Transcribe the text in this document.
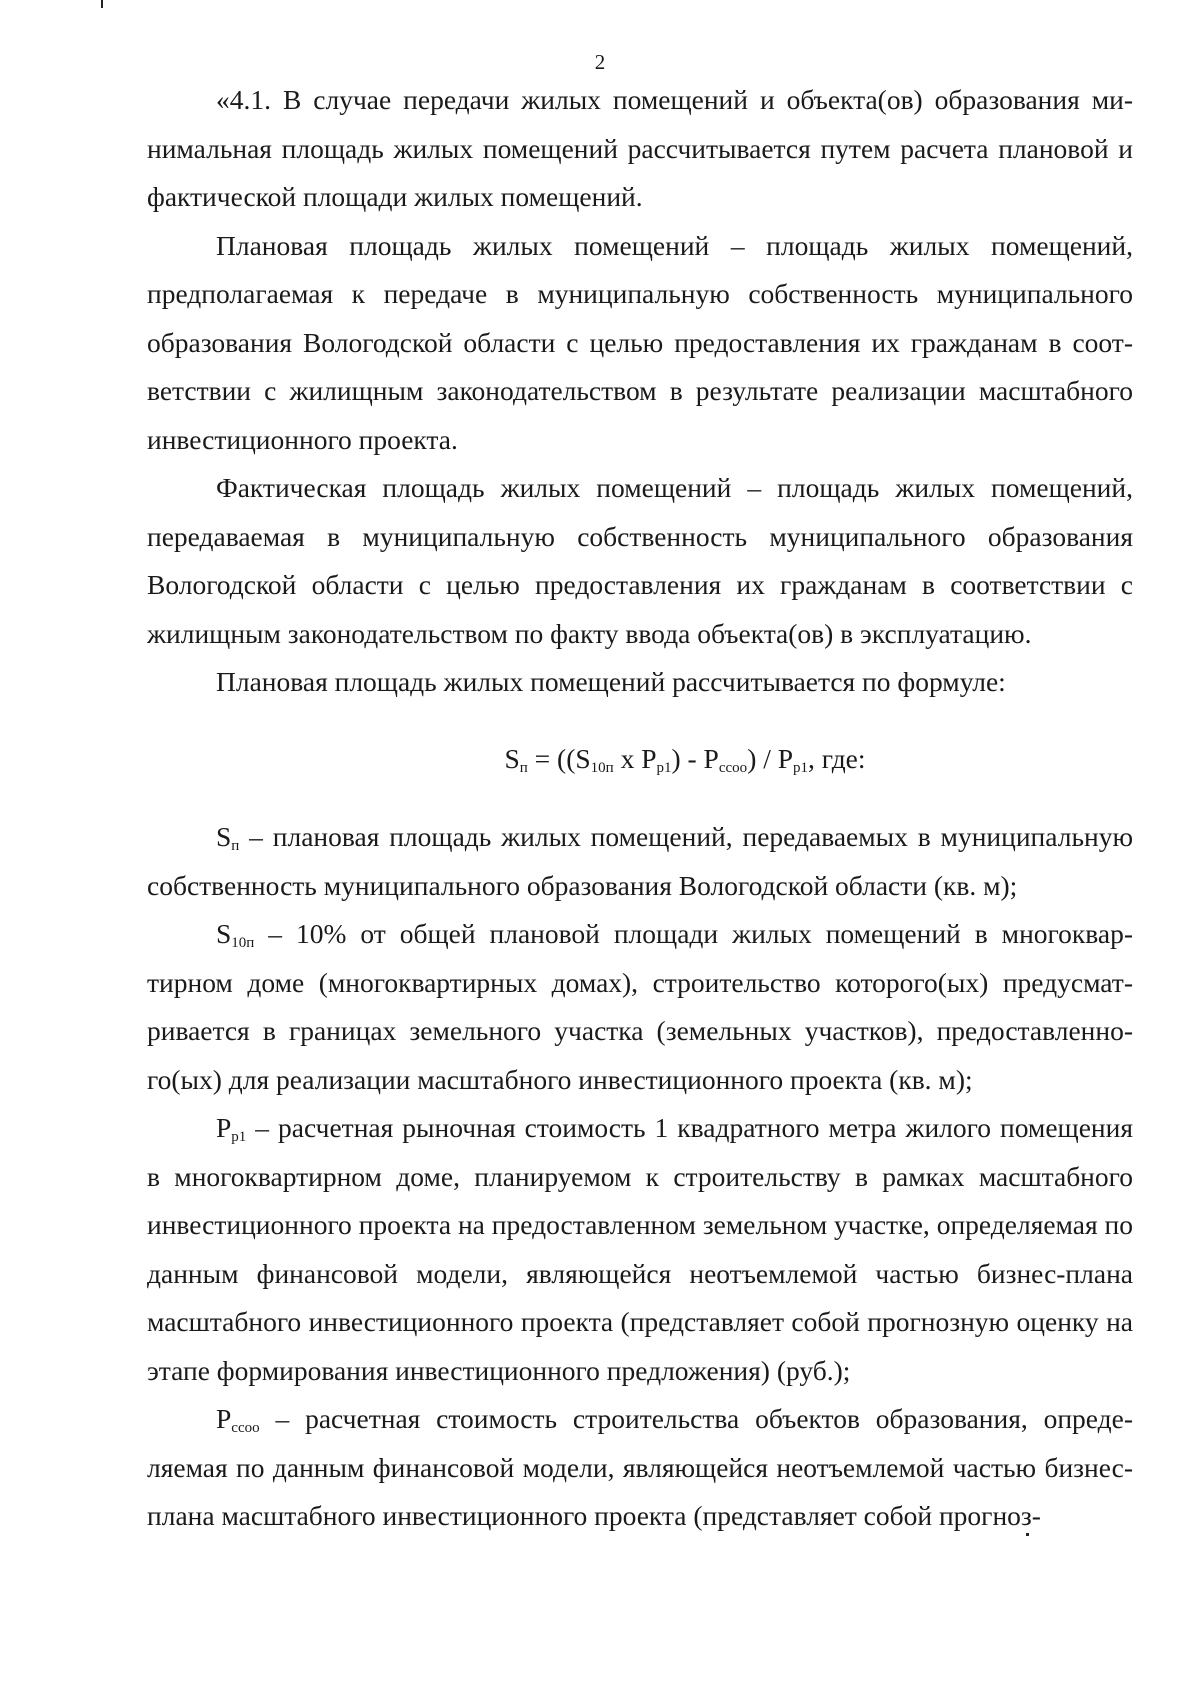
2

«4.1. В случае передачи жилых помещений и объекта(ов) образования минимальная площадь жилых помещений рассчитывается путем расчета плановой и фактической площади жилых помещений.

Плановая площадь жилых помещений – площадь жилых помещений, предполагаемая к передаче в муниципальную собственность муниципального образования Вологодской области с целью предоставления их гражданам в соответствии с жилищным законодательством в результате реализации масштабного инвестиционного проекта.

Фактическая площадь жилых помещений – площадь жилых помещений, передаваемая в муниципальную собственность муниципального образования Вологодской области с целью предоставления их гражданам в соответствии с жилищным законодательством по факту ввода объекта(ов) в эксплуатацию.

Плановая площадь жилых помещений рассчитывается по формуле:

$S_п = ((S_{10п}$ x $P_{p1}) - P_{ccoo}) / P_{p1}$, где:

$S_п$ – плановая площадь жилых помещений, передаваемых в муниципальную собственность муниципального образования Вологодской области (кв. м);

$S_{10п} - 10\%$ от общей плановой площади жилых помещений в многоквартирном доме (многоквартирных домах), строительство которого(ых) предусматривается в границах земельного участка (земельных участков), предоставленного(ых) для реализации масштабного инвестиционного проекта (кв. м);

$P_{p1}$ – расчетная рыночная стоимость 1 квадратного метра жилого помещения в многоквартирном доме, планируемом к строительству в рамках масштабного инвестиционного проекта на предоставленном земельном участке, определяемая по данным финансовой модели, являющейся неотъемлемой частью бизнес-плана масштабного инвестиционного проекта (представляет собой прогнозную оценку на этапе формирования инвестиционного предложения) (руб.);

$P_{ccoo}$ – расчетная стоимость строительства объектов образования, определяемая по данным финансовой модели, являющейся неотъемлемой частью бизнес-плана масштабного инвестиционного проекта (представляет собой прогноз-
